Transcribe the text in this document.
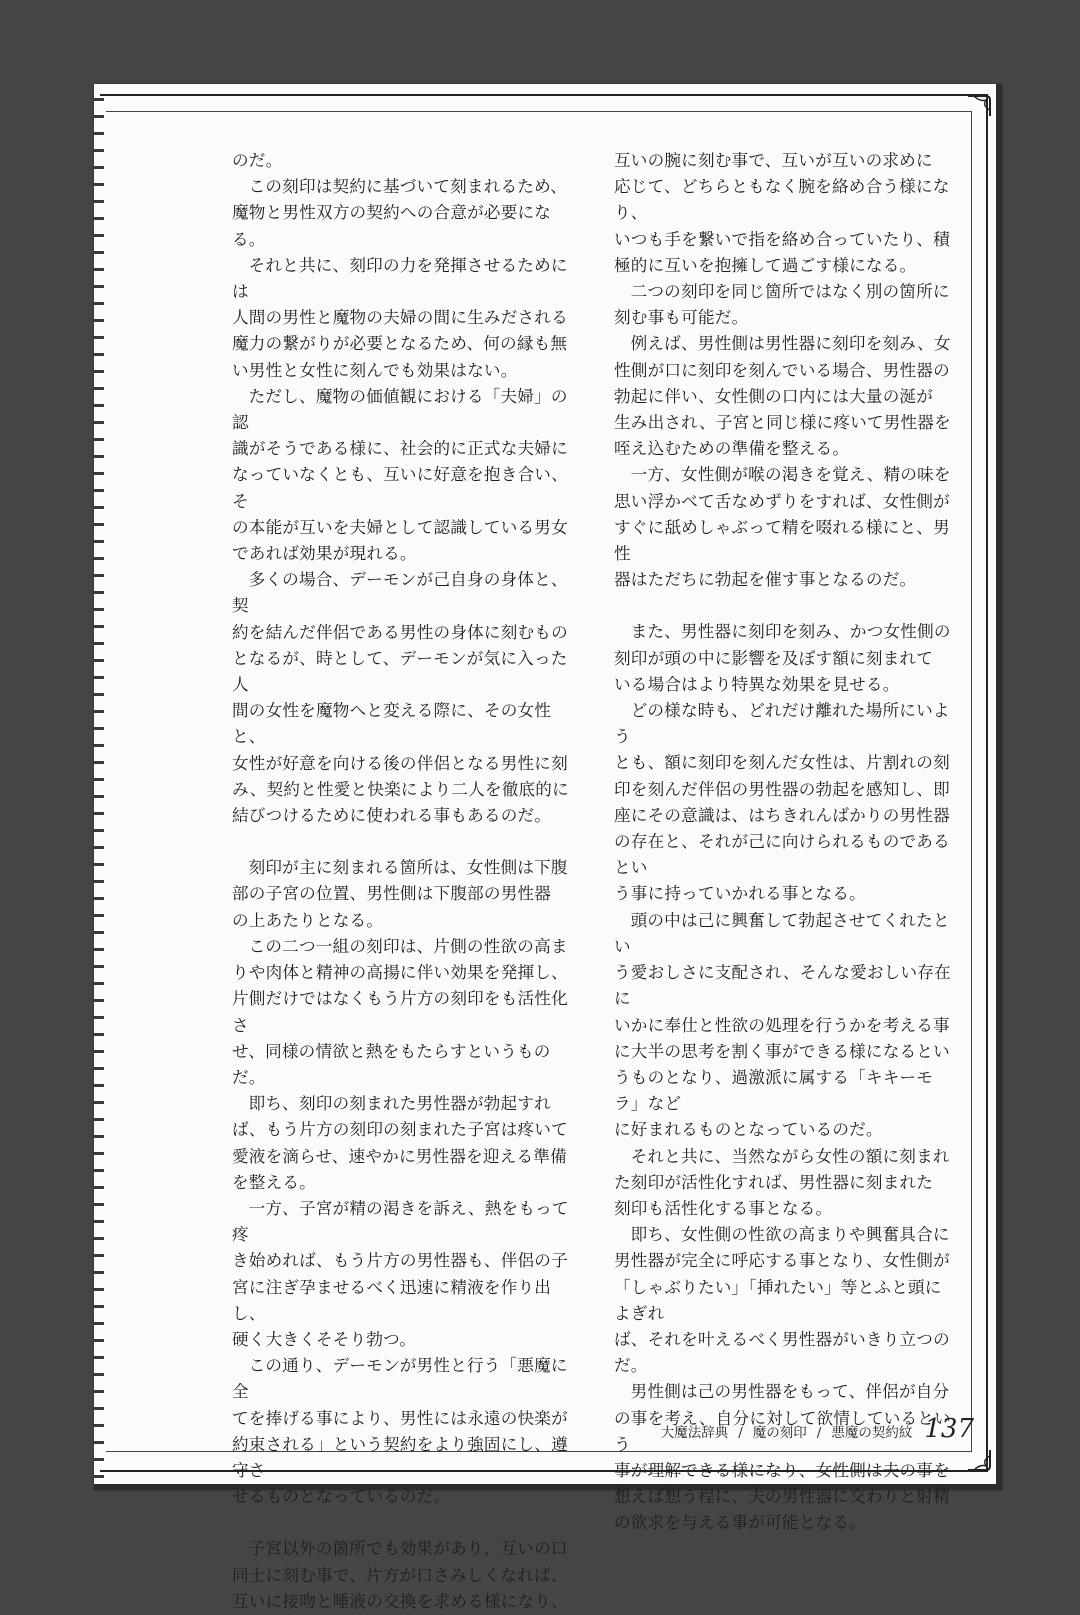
のだ。

この刻印は契約に基づいて刻まれるため、
魔物と男性双方の契約への合意が必要にな
る。

それと共に、刻印の力を発揮させるためには
人間の男性と魔物の夫婦の間に生みだされる
魔力の繋がりが必要となるため、何の縁も無
い男性と女性に刻んでも効果はない。

ただし、魔物の価値観における「夫婦」の認
識がそうである様に、社会的に正式な夫婦に
なっていなくとも、互いに好意を抱き合い、そ
の本能が互いを夫婦として認識している男女
であれば効果が現れる。

多くの場合、デーモンが己自身の身体と、契
約を結んだ伴侶である男性の身体に刻むもの
となるが、時として、デーモンが気に入った人
間の女性を魔物へと変える際に、その女性と、
女性が好意を向ける後の伴侶となる男性に刻
み、契約と性愛と快楽により二人を徹底的に
結びつけるために使われる事もあるのだ。

刻印が主に刻まれる箇所は、女性側は下腹
部の子宮の位置、男性側は下腹部の男性器
の上あたりとなる。

この二つ一組の刻印は、片側の性欲の高ま
りや肉体と精神の高揚に伴い効果を発揮し、
片側だけではなくもう片方の刻印をも活性化さ
せ、同様の情欲と熱をもたらすというものだ。

即ち、刻印の刻まれた男性器が勃起すれ
ば、もう片方の刻印の刻まれた子宮は疼いて
愛液を滴らせ、速やかに男性器を迎える準備
を整える。

一方、子宮が精の渇きを訴え、熱をもって疼
き始めれば、もう片方の男性器も、伴侶の子
宮に注ぎ孕ませるべく迅速に精液を作り出し、
硬く大きくそそり勃つ。

この通り、デーモンが男性と行う「悪魔に全
てを捧げる事により、男性には永遠の快楽が
約束される」という契約をより強固にし、遵守さ
せるものとなっているのだ。

子宮以外の箇所でも効果があり、互いの口
同士に刻む事で、片方が口さみしくなれば、
互いに接吻と唾液の交換を求める様になり、

互いの腕に刻む事で、互いが互いの求めに
応じて、どちらともなく腕を絡め合う様になり、
いつも手を繋いで指を絡め合っていたり、積
極的に互いを抱擁して過ごす様になる。

二つの刻印を同じ箇所ではなく別の箇所に
刻む事も可能だ。

例えば、男性側は男性器に刻印を刻み、女
性側が口に刻印を刻んでいる場合、男性器の
勃起に伴い、女性側の口内には大量の涎が
生み出され、子宮と同じ様に疼いて男性器を
咥え込むための準備を整える。

一方、女性側が喉の渇きを覚え、精の味を
思い浮かべて舌なめずりをすれば、女性側が
すぐに舐めしゃぶって精を啜れる様にと、男性
器はただちに勃起を催す事となるのだ。

また、男性器に刻印を刻み、かつ女性側の
刻印が頭の中に影響を及ぼす額に刻まれて
いる場合はより特異な効果を見せる。

どの様な時も、どれだけ離れた場所にいよう
とも、額に刻印を刻んだ女性は、片割れの刻
印を刻んだ伴侶の男性器の勃起を感知し、即
座にその意識は、はちきれんばかりの男性器
の存在と、それが己に向けられるものであるとい
う事に持っていかれる事となる。

頭の中は己に興奮して勃起させてくれたとい
う愛おしさに支配され、そんな愛おしい存在に
いかに奉仕と性欲の処理を行うかを考える事
に大半の思考を割く事ができる様になるとい
うものとなり、過激派に属する「キキーモラ」など
に好まれるものとなっているのだ。

それと共に、当然ながら女性の額に刻まれ
た刻印が活性化すれば、男性器に刻まれた
刻印も活性化する事となる。

即ち、女性側の性欲の高まりや興奮具合に
男性器が完全に呼応する事となり、女性側が
「しゃぶりたい」「挿れたい」等とふと頭によぎれ
ば、それを叶えるべく男性器がいきり立つの
だ。

男性側は己の男性器をもって、伴侶が自分
の事を考え、自分に対して欲情しているという
事が理解できる様になり、女性側は夫の事を
想えば想う程に、夫の男性器に交わりと射精
の欲求を与える事が可能となる。

大魔法辞典 / 魔の刻印 / 悪魔の契約紋 137
